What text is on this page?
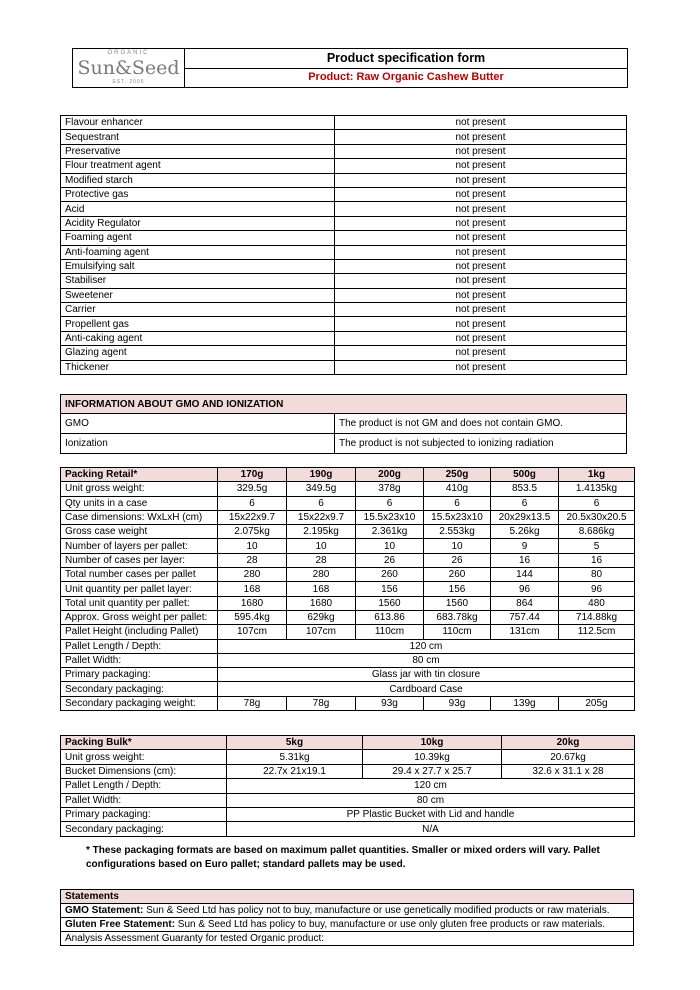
ORGANIC
Sun&Seed
EST. 2006
	Product specification form
Product: Raw Organic Cashew Butter
Flavour enhancer	not present
Sequestrant	not present
Preservative	not present
Flour treatment agent	not present
Modified starch	not present
Protective gas	not present
Acid	not present
Acidity Regulator	not present
Foaming agent	not present
Anti-foaming agent	not present
Emulsifying salt	not present
Stabiliser	not present
Sweetener	not present
Carrier	not present
Propellent gas	not present
Anti-caking agent	not present
Glazing agent	not present
Thickener	not present
INFORMATION ABOUT GMO AND IONIZATION	
GMO	The product is not GM and does not contain GMO.
Ionization	The product is not subjected to ionizing radiation
Packing Retail*	170g	190g	200g	250g	500g	1kg
Unit gross weight:	329.5g	349.5g	378g	410g	853.5	1.4135kg
Qty units in a case	6	6	6	6	6	6
Case dimensions: WxLxH (cm)	15x22x9.7	15x22x9.7	15.5x23x10	15.5x23x10	20x29x13.5	20.5x30x20.5
Gross case weight	2.075kg	2.195kg	2.361kg	2.553kg	5.26kg	8.686kg
Number of layers per pallet:	10	10	10	10	9	5
Number of cases per layer:	28	28	26	26	16	16
Total number cases per pallet	280	280	260	260	144	80
Unit quantity per pallet layer:	168	168	156	156	96	96
Total unit quantity per pallet:	1680	1680	1560	1560	864	480
Approx. Gross weight per pallet:	595.4kg	629kg	613.86	683.78kg	757.44	714.88kg
Pallet Height (including Pallet)	107cm	107cm	110cm	110cm	131cm	112.5cm
Pallet Length / Depth:	120 cm					
Pallet Width:	80 cm					
Primary packaging:	Glass jar with tin closure					
Secondary packaging:	Cardboard Case					
Secondary packaging weight:	78g	78g	93g	93g	139g	205g
Packing Bulk*	5kg	10kg	20kg
Unit gross weight:	5.31kg	10.39kg	20.67kg
Bucket Dimensions (cm):	22.7x 21x19.1	29.4 x 27.7 x 25.7	32.6 x 31.1 x 28
Pallet Length / Depth:	120 cm		
Pallet Width:	80 cm		
Primary packaging:	PP Plastic Bucket with Lid and handle		
Secondary packaging:	N/A		
* These packaging formats are based on maximum pallet quantities. Smaller or mixed orders will vary. Pallet configurations based on Euro pallet; standard pallets may be used.
Statements
GMO Statement: Sun & Seed Ltd has policy not to buy, manufacture or use genetically modified products or raw materials.
Gluten Free Statement: Sun & Seed Ltd has policy to buy, manufacture or use only gluten free products or raw materials.
Analysis Assessment Guaranty for tested Organic product:
